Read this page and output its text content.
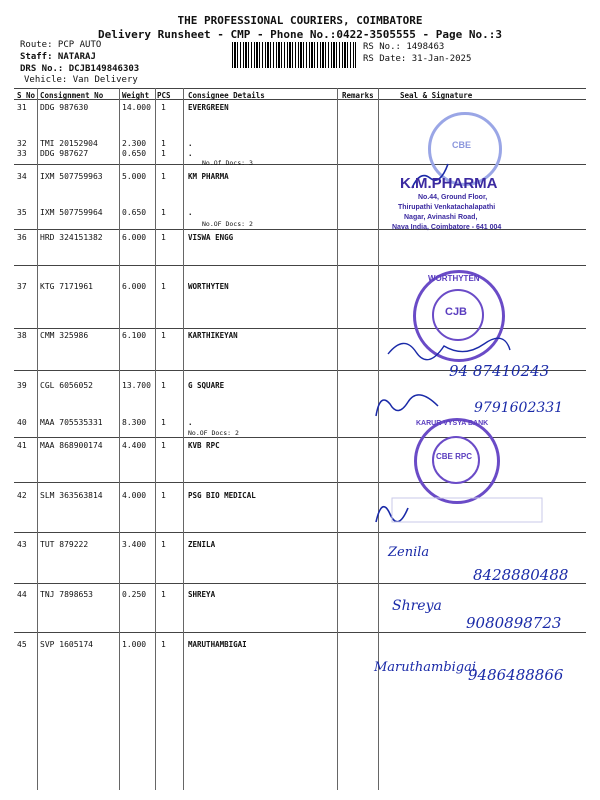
THE PROFESSIONAL COURIERS, COIMBATORE
Delivery Runsheet - CMP - Phone No.:0422-3505555 - Page No.:3
Route: PCP AUTO
Staff: NATARAJ
DRS No.: DCJB149846303
Vehicle: Van Delivery
RS No.: 1498463
RS Date: 31-Jan-2025
S No Consignment No	Weight PCS Consignee Details	Remarks	Seal & Signature
31 DDG 987630	14.000 1	EVERGREEN
32 TMI 20152904	2.300 1	.
33 DDG 987627	0.650 1	.
No.Of Docs: 3
34 IXM 507759963 5.000 1	KM PHARMA
35 IXM 507759964 0.650 1	.
No.OF Docs: 2
36 HRD 324151382 6.000 1	VISWA ENGG
37 KTG 7171961	6.000 1	WORTHYTEN
38 CMM 325986	6.100 1	KARTHIKEYAN
39 CGL 6056052	13.700 1	G SQUARE
40 MAA 705535331 8.300 1	.
No.OF Docs: 2
41 MAA 868900174 4.400 1	KVB RPC
42 SLM 363563814 4.000 1	PSG BIO MEDICAL
43 TUT 879222	3.400 1	ZENILA
44 TNJ 7898653	0.250 1	SHREYA
45 SVP 1605174	1.000 1	MARUTHAMBIGAI
CBE
K.M.PHARMA
No.44, Ground Floor,
Thirupathi Venkatachalapathi
Nagar, Avinashi Road,
Nava India, Coimbatore - 641 004
WORTHYTEN
CJB
94 87410243
9791602331
KARUR VYSYA BANK
CBE RPC
Zenila
8428880488
Shreya
9080898723
Maruthambigai
9486488866
